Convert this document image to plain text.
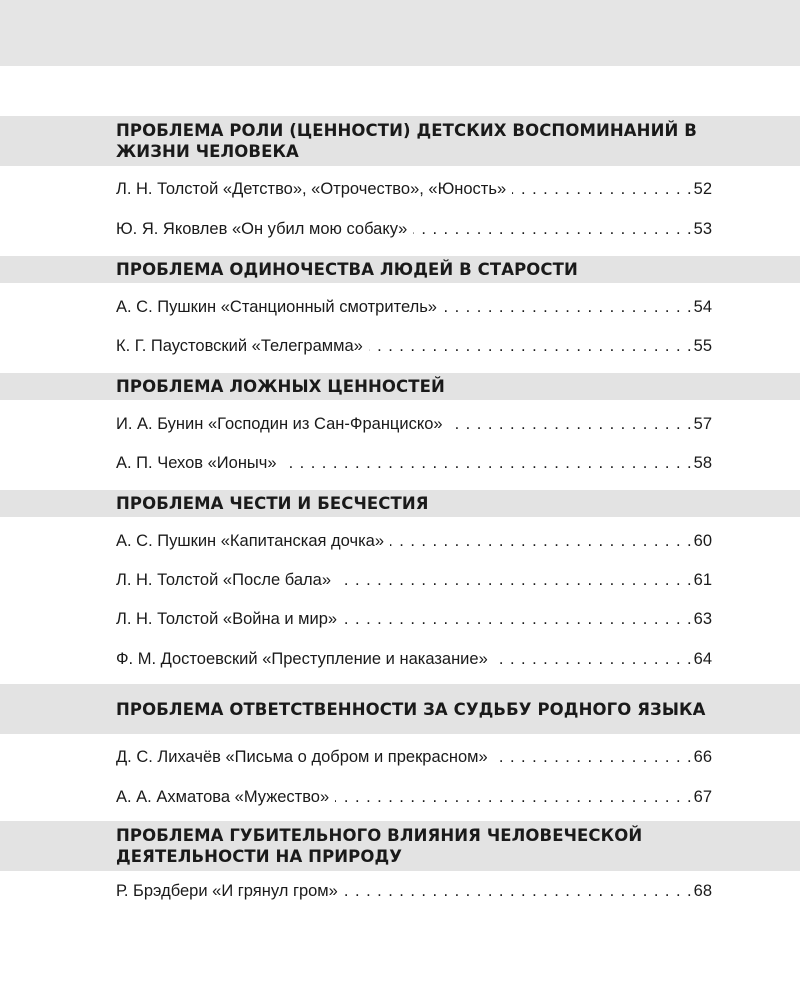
ПРОБЛЕМА РОЛИ (ЦЕННОСТИ) ДЕТСКИХ ВОСПОМИНАНИЙ В ЖИЗНИ ЧЕЛОВЕКА
Л. Н. Толстой «Детство», «Отрочество», «Юность» . . .	52
Ю. Я. Яковлев «Он убил мою собаку» . . .	53
ПРОБЛЕМА ОДИНОЧЕСТВА ЛЮДЕЙ В СТАРОСТИ
А. С. Пушкин «Станционный смотритель» . . .	54
К. Г. Паустовский «Телеграмма» . . .	55
ПРОБЛЕМА ЛОЖНЫХ ЦЕННОСТЕЙ
И. А. Бунин «Господин из Сан-Франциско» . . .	57
А. П. Чехов «Ионыч» . . .	58
ПРОБЛЕМА ЧЕСТИ И БЕСЧЕСТИЯ
А. С. Пушкин «Капитанская дочка» . . .	60
Л. Н. Толстой «После бала» . . .	61
Л. Н. Толстой «Война и мир» . . .	63
Ф. М. Достоевский «Преступление и наказание» . . .	64
ПРОБЛЕМА ОТВЕТСТВЕННОСТИ ЗА СУДЬБУ РОДНОГО ЯЗЫКА
Д. С. Лихачёв «Письма о добром и прекрасном» . . .	66
А. А. Ахматова «Мужество» . . .	67
ПРОБЛЕМА ГУБИТЕЛЬНОГО ВЛИЯНИЯ ЧЕЛОВЕЧЕСКОЙ ДЕЯТЕЛЬНОСТИ НА ПРИРОДУ
Р. Брэдбери «И грянул гром» . . .	68
